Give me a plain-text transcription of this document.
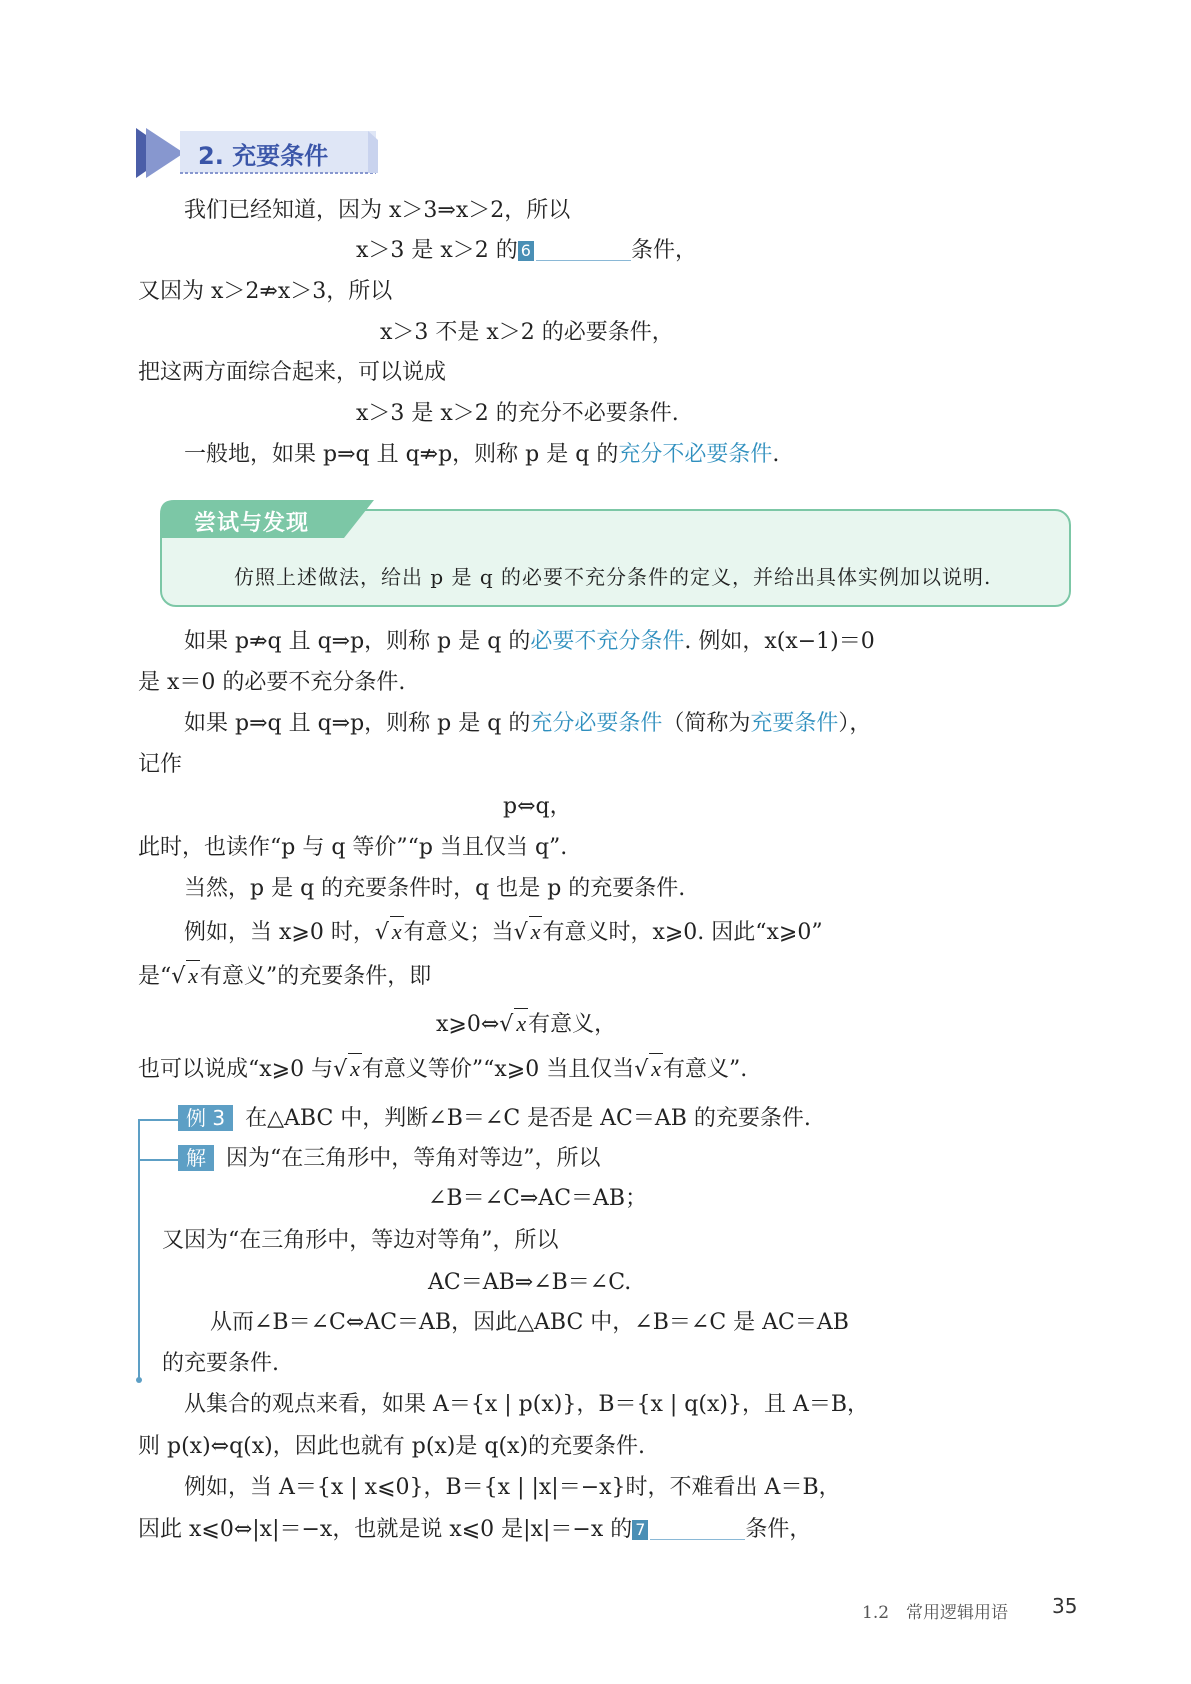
2. 充要条件
我们已经知道，因为 x＞3⇒x＞2，所以
x＞3 是 x＞2 的 6	条件，
又因为 x＞2⇏x＞3，所以
x＞3 不是 x＞2 的必要条件，
把这两方面综合起来，可以说成
x＞3 是 x＞2 的充分不必要条件.
一般地，如果 p⇒q 且 q⇏p，则称 p 是 q 的充分不必要条件.
尝试与发现
仿照上述做法，给出 p 是 q 的必要不充分条件的定义，并给出具体实例加以说明.
如果 p⇏q 且 q⇒p，则称 p 是 q 的必要不充分条件. 例如，x(x−1)＝0
是 x＝0 的必要不充分条件.
如果 p⇒q 且 q⇒p，则称 p 是 q 的充分必要条件（简称为充要条件），
记作
p⇔q，
此时，也读作“p 与 q 等价”“p 当且仅当 q”.
当然，p 是 q 的充要条件时，q 也是 p 的充要条件.
例如，当 x⩾0 时，√ x有意义；当√ x有意义时，x⩾0. 因此“x⩾0”
是“√ x有意义”的充要条件，即
x⩾0⇔√ x有意义，
也可以说成“x⩾0 与√ x有意义等价”“x⩾0 当且仅当√ x有意义”.
例 3 在△ABC 中，判断∠B＝∠C 是否是 AC＝AB 的充要条件.
解 因为“在三角形中，等角对等边”，所以
∠B＝∠C⇒AC＝AB；
又因为“在三角形中，等边对等角”，所以
AC＝AB⇒∠B＝∠C.
从而∠B＝∠C⇔AC＝AB，因此△ABC 中，∠B＝∠C 是 AC＝AB
的充要条件.
从集合的观点来看，如果 A＝{x | p(x)}，B＝{x | q(x)}，且 A＝B，
则 p(x)⇔q(x)，因此也就有 p(x)是 q(x)的充要条件.
例如，当 A＝{x | x⩽0}，B＝{x | |x|＝−x}时，不难看出 A＝B，
因此 x⩽0⇔|x|＝−x，也就是说 x⩽0 是|x|＝−x 的 7	条件，
1.2　常用逻辑用语 35
